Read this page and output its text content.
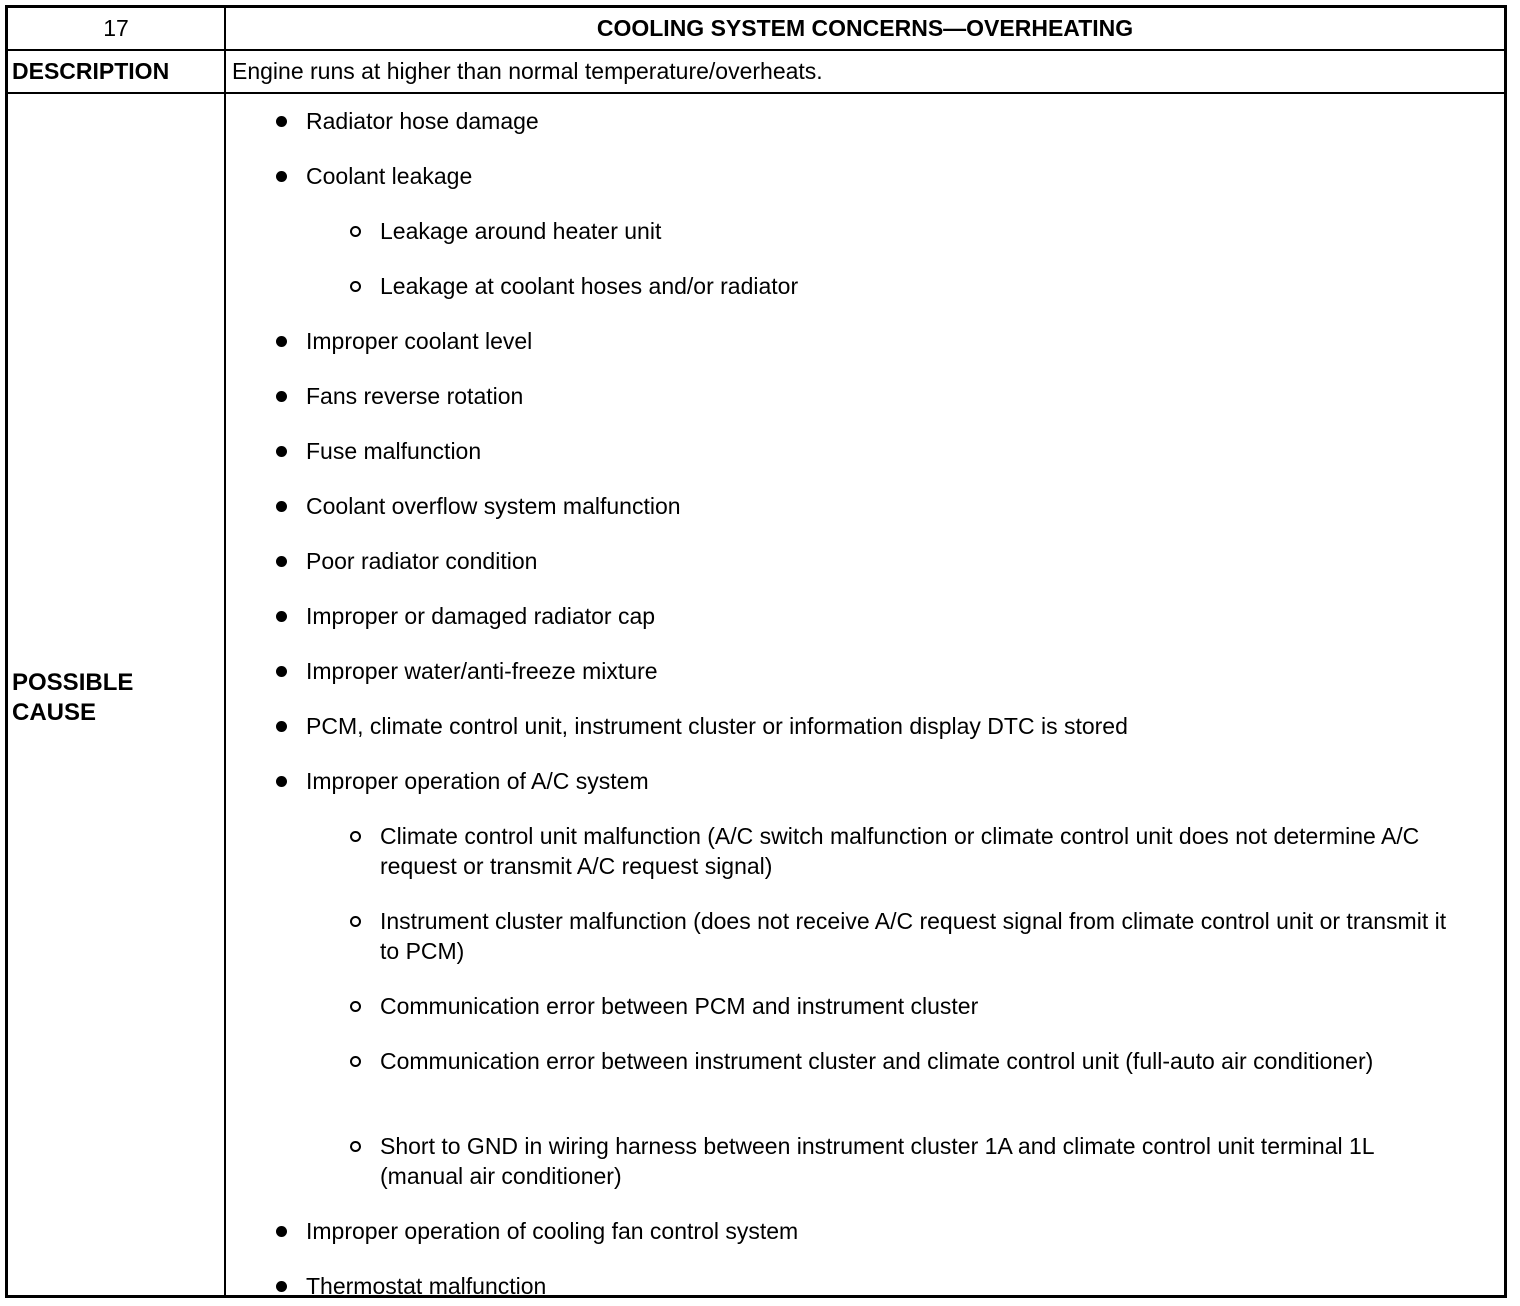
17	COOLING SYSTEM CONCERNS—OVERHEATING
DESCRIPTION	Engine runs at higher than normal temperature/overheats.
POSSIBLE
CAUSE
Radiator hose damage
Coolant leakage
Leakage around heater unit
Leakage at coolant hoses and/or radiator
Improper coolant level
Fans reverse rotation
Fuse malfunction
Coolant overflow system malfunction
Poor radiator condition
Improper or damaged radiator cap
Improper water/anti-freeze mixture
PCM, climate control unit, instrument cluster or information display DTC is stored
Improper operation of A/C system
Climate control unit malfunction (A/C switch malfunction or climate control unit does not determine A/C request or transmit A/C request signal)
Instrument cluster malfunction (does not receive A/C request signal from climate control unit or transmit it to PCM)
Communication error between PCM and instrument cluster
Communication error between instrument cluster and climate control unit (full-auto air conditioner)
Short to GND in wiring harness between instrument cluster 1A and climate control unit terminal 1L (manual air conditioner)
Improper operation of cooling fan control system
Thermostat malfunction
